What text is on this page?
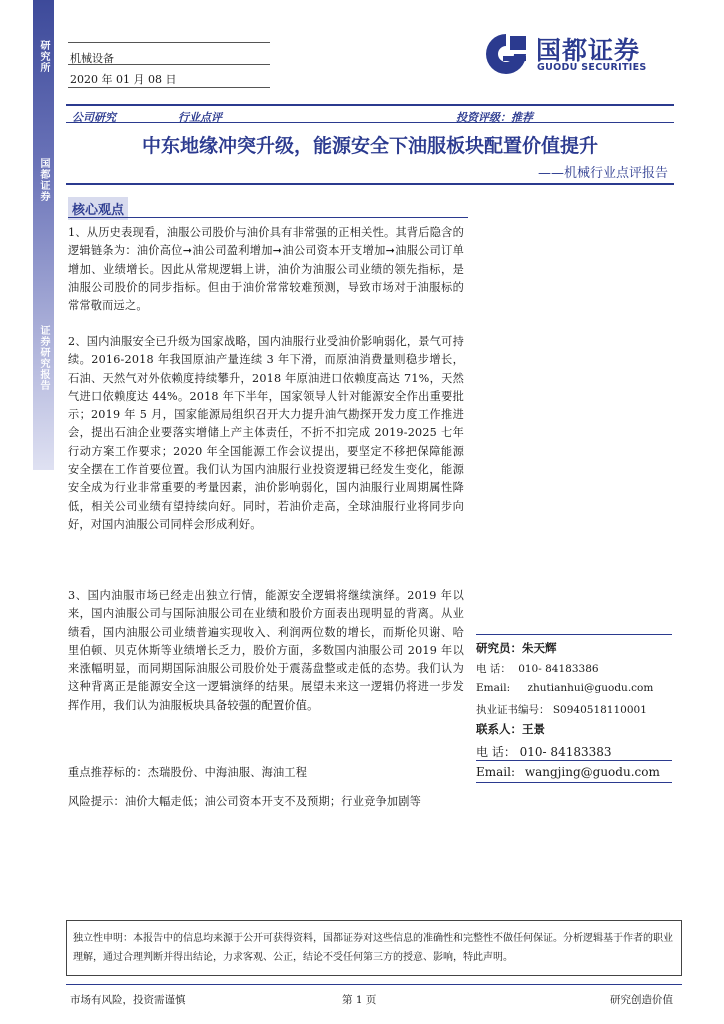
研究所
国都证券
证券研究报告
机械设备
2020 年 01 月 08 日
国都证券
GUODU SECURITIES
公司研究	行业点评	投资评级：推荐
中东地缘冲突升级，能源安全下油服板块配置价值提升
——机械行业点评报告
核心观点
1、从历史表现看，油服公司股价与油价具有非常强的正相关性。其背后隐含的逻辑链条为：油价高位➞油公司盈利增加➞油公司资本开支增加➞油服公司订单增加、业绩增长。因此从常规逻辑上讲，油价为油服公司业绩的领先指标，是油服公司股价的同步指标。但由于油价常常较难预测，导致市场对于油服标的常常敬而远之。
2、国内油服安全已升级为国家战略，国内油服行业受油价影响弱化，景气可持续。2016-2018 年我国原油产量连续 3 年下滑，而原油消费量则稳步增长，石油、天然气对外依赖度持续攀升，2018 年原油进口依赖度高达 71%，天然气进口依赖度达 44%。2018 年下半年，国家领导人针对能源安全作出重要批示；2019 年 5 月，国家能源局组织召开大力提升油气勘探开发力度工作推进会，提出石油企业要落实增储上产主体责任，不折不扣完成 2019-2025 七年行动方案工作要求；2020 年全国能源工作会议提出，要坚定不移把保障能源安全摆在工作首要位置。我们认为国内油服行业投资逻辑已经发生变化，能源安全成为行业非常重要的考量因素，油价影响弱化，国内油服行业周期属性降低，相关公司业绩有望持续向好。同时，若油价走高，全球油服行业将同步向好，对国内油服公司同样会形成利好。
3、国内油服市场已经走出独立行情，能源安全逻辑将继续演绎。2019 年以来，国内油服公司与国际油服公司在业绩和股价方面表出现明显的背离。从业绩看，国内油服公司业绩普遍实现收入、利润两位数的增长，而斯伦贝谢、哈里伯顿、贝克休斯等业绩增长乏力，股价方面，多数国内油服公司 2019 年以来涨幅明显，而同期国际油服公司股价处于震荡盘整或走低的态势。我们认为这种背离正是能源安全这一逻辑演绎的结果。展望未来这一逻辑仍将进一步发挥作用，我们认为油服板块具备较强的配置价值。
重点推荐标的：杰瑞股份、中海油服、海油工程
风险提示：油价大幅走低；油公司资本开支不及预期；行业竞争加剧等
研究员：朱天辉
电 话： 010- 84183386
Email: zhutianhui@guodu.com
执业证书编号： S0940518110001
联系人：王景
电 话： 010- 84183383
Email: wangjing@guodu.com
独立性申明：本报告中的信息均来源于公开可获得资料，国都证券对这些信息的准确性和完整性不做任何保证。分析逻辑基于作者的职业理解，通过合理判断并得出结论，力求客观、公正，结论不受任何第三方的授意、影响，特此声明。
市场有风险，投资需谨慎	第 1 页	研究创造价值
